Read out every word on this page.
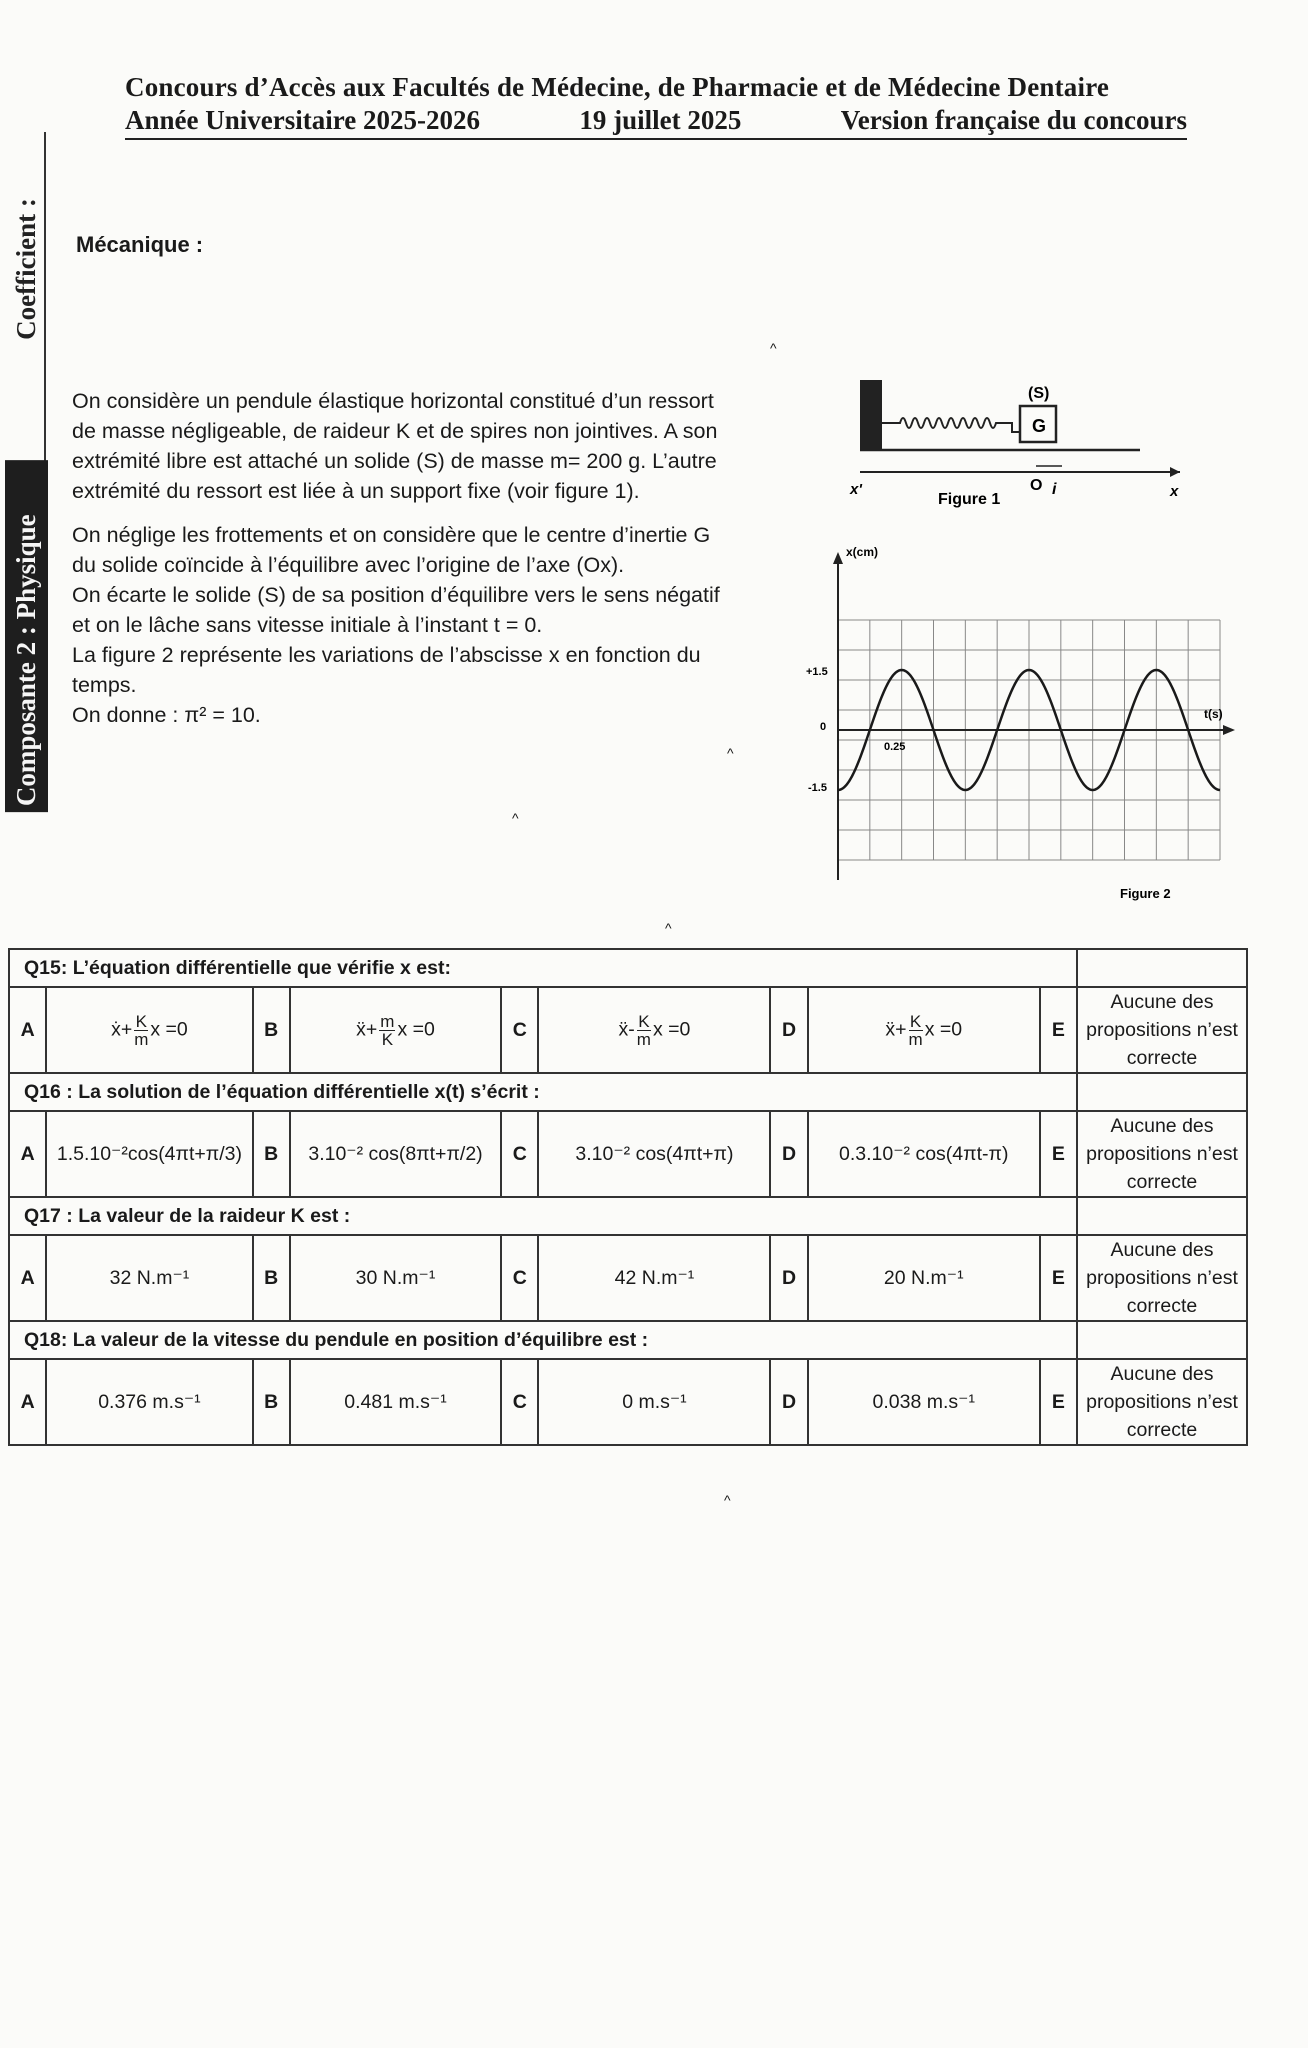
Concours d’Accès aux Facultés de Médecine, de Pharmacie et de Médecine Dentaire
Année Universitaire 2025-2026	19 juillet 2025	Version française du concours
Coefficient :
Composante 2 : Physique
Mécanique :

On considère un pendule élastique horizontal constitué d’un ressort
de masse négligeable, de raideur K et de spires non jointives. A son
extrémité libre est attaché un solide (S) de masse m= 200 g. L’autre
extrémité du ressort est liée à un support fixe (voir figure 1).

On néglige les frottements et on considère que le centre d’inertie G
du solide coïncide à l’équilibre avec l’origine de l’axe (Ox).
On écarte le solide (S) de sa position d’équilibre vers le sens négatif
et on le lâche sans vitesse initiale à l’instant t = 0.
La figure 2 représente les variations de l’abscisse x en fonction du
temps.
On donne : π² = 10.

^
^
^
^
^
(S)
G
x'	O i	x
Figure 1
x(cm)
t(s)
+1.5
0
-1.5
0.25
Figure 2
Q15: L’équation différentielle que vérifie x est:									
A	ẋ+ $\frac{K}{m}$ x =0	B	ẍ+ $\frac{m}{K}$ x =0	C	ẍ- $\frac{K}{m}$ x =0	D	ẍ+ $\frac{K}{m}$ x =0	E	Aucune des propositions n’est correcte
Q16 : La solution de l’équation différentielle x(t) s’écrit :									
A	1.5.10⁻²cos(4πt+π/3)	B	3.10⁻² cos(8πt+π/2)	C	3.10⁻² cos(4πt+π)	D	0.3.10⁻² cos(4πt-π)	E	Aucune des propositions n’est correcte
Q17 : La valeur de la raideur K est :									
A	32 N.m⁻¹	B	30 N.m⁻¹	C	42 N.m⁻¹	D	20 N.m⁻¹	E	Aucune des propositions n’est correcte
Q18: La valeur de la vitesse du pendule en position d’équilibre est :									
A	0.376 m.s⁻¹	B	0.481 m.s⁻¹	C	0 m.s⁻¹	D	0.038 m.s⁻¹	E	Aucune des propositions n’est correcte
